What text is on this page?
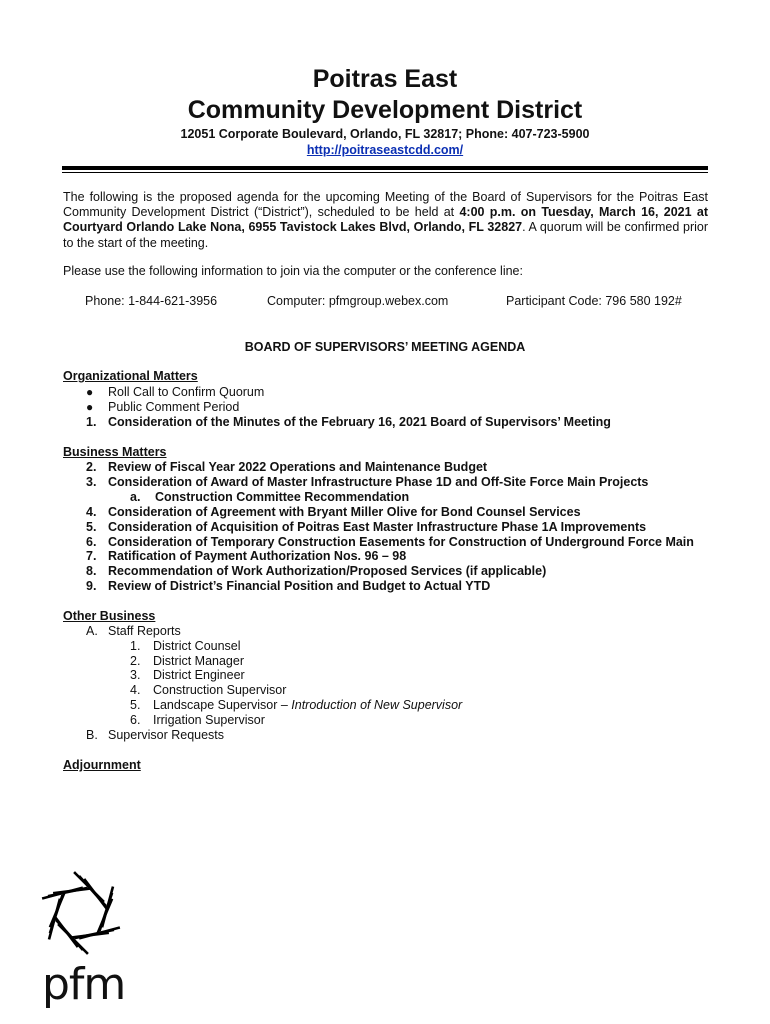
Poitras East
Community Development District
12051 Corporate Boulevard, Orlando, FL 32817; Phone: 407-723-5900
http://poitraseastcdd.com/
The following is the proposed agenda for the upcoming Meeting of the Board of Supervisors for the Poitras East Community Development District (“District”), scheduled to be held at 4:00 p.m. on Tuesday, March 16, 2021 at Courtyard Orlando Lake Nona, 6955 Tavistock Lakes Blvd, Orlando, FL 32827. A quorum will be confirmed prior to the start of the meeting.
Please use the following information to join via the computer or the conference line:
Phone: 1-844-621-3956	Computer: pfmgroup.webex.com	Participant Code: 796 580 192#
BOARD OF SUPERVISORS’ MEETING AGENDA
Organizational Matters
● Roll Call to Confirm Quorum
● Public Comment Period
1. Consideration of the Minutes of the February 16, 2021 Board of Supervisors’ Meeting
Business Matters
2. Review of Fiscal Year 2022 Operations and Maintenance Budget
3. Consideration of Award of Master Infrastructure Phase 1D and Off-Site Force Main Projects
a. Construction Committee Recommendation
4. Consideration of Agreement with Bryant Miller Olive for Bond Counsel Services
5. Consideration of Acquisition of Poitras East Master Infrastructure Phase 1A Improvements
6. Consideration of Temporary Construction Easements for Construction of Underground Force Main
7. Ratification of Payment Authorization Nos. 96 – 98
8. Recommendation of Work Authorization/Proposed Services (if applicable)
9. Review of District’s Financial Position and Budget to Actual YTD
Other Business
A. Staff Reports
1. District Counsel
2. District Manager
3. District Engineer
4. Construction Supervisor
5. Landscape Supervisor – Introduction of New Supervisor
6. Irrigation Supervisor
B. Supervisor Requests
Adjournment
pfm
